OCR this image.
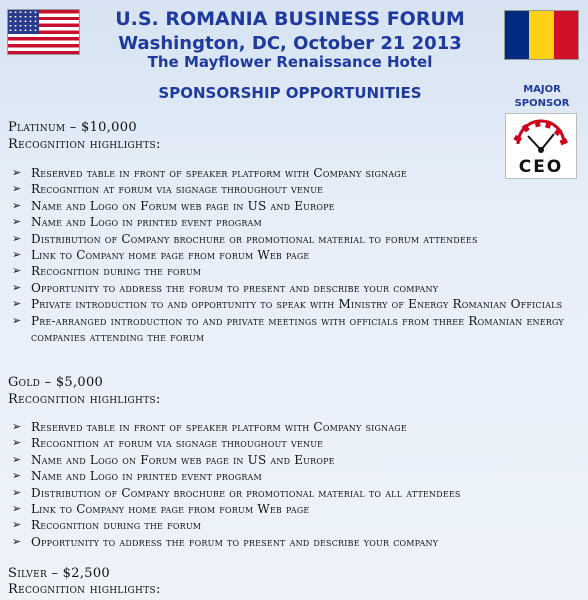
U.S. ROMANIA BUSINESS FORUM
Washington, DC, October 21 2013
The Mayflower Renaissance Hotel
SPONSORSHIP OPPORTUNITIES	MAJOR
SPONSOR
CEO
Platinum – $10,000
Recognition highlights:
➢ Reserved table in front of speaker platform with Company signage
➢ Recognition at forum via signage throughout venue
➢ Name and Logo on Forum web page in US and Europe
➢ Name and Logo in printed event program
➢ Distribution of Company brochure or promotional material to forum attendees
➢ Link to Company home page from forum Web page
➢ Recognition during the forum
➢ Opportunity to address the forum to present and describe your company
➢ Private introduction to and opportunity to speak with Ministry of Energy Romanian Officials
➢ Pre-arranged introduction to and private meetings with officials from three Romanian energy companies attending the forum
Gold – $5,000
Recognition highlights:
➢ Reserved table in front of speaker platform with Company signage
➢ Recognition at forum via signage throughout venue
➢ Name and Logo on Forum web page in US and Europe
➢ Name and Logo in printed event program
➢ Distribution of Company brochure or promotional material to all attendees
➢ Link to Company home page from forum Web page
➢ Recognition during the forum
➢ Opportunity to address the forum to present and describe your company
Silver – $2,500
Recognition highlights:
